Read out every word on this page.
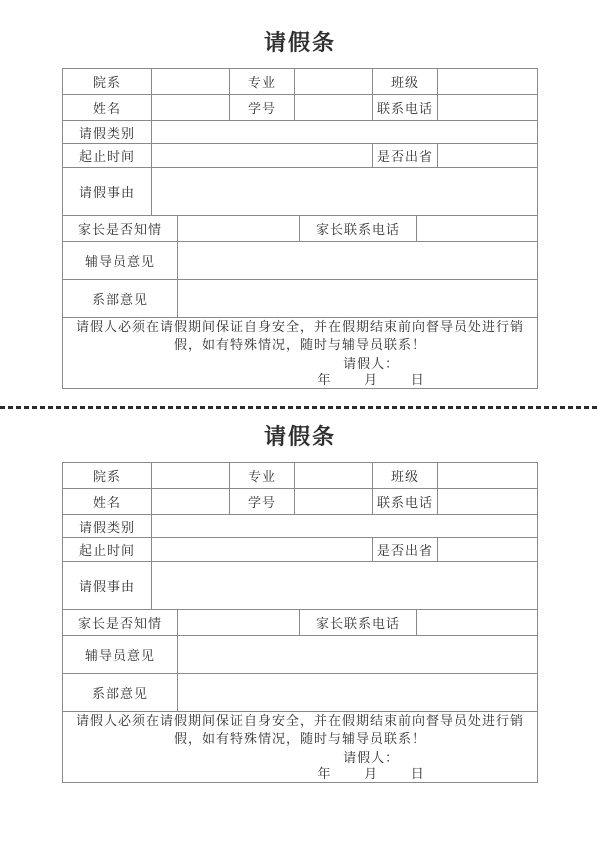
请假条
院系			专业			班级		
姓名			学号			联系电话		
请假类别								
起止时间						是否出省		
请假事由								
家长是否知情					家长联系电话			
辅导员意见								
系部意见								

请假人必须在请假期间保证自身安全，并在假期结束前向督导员处进行销假，如有特殊情况，随时与辅导员联系！
请假人：
年 月 日								
请假条
院系			专业			班级		
姓名			学号			联系电话		
请假类别								
起止时间						是否出省		
请假事由								
家长是否知情					家长联系电话			
辅导员意见								
系部意见								

请假人必须在请假期间保证自身安全，并在假期结束前向督导员处进行销假，如有特殊情况，随时与辅导员联系！
请假人：
年 月 日								
